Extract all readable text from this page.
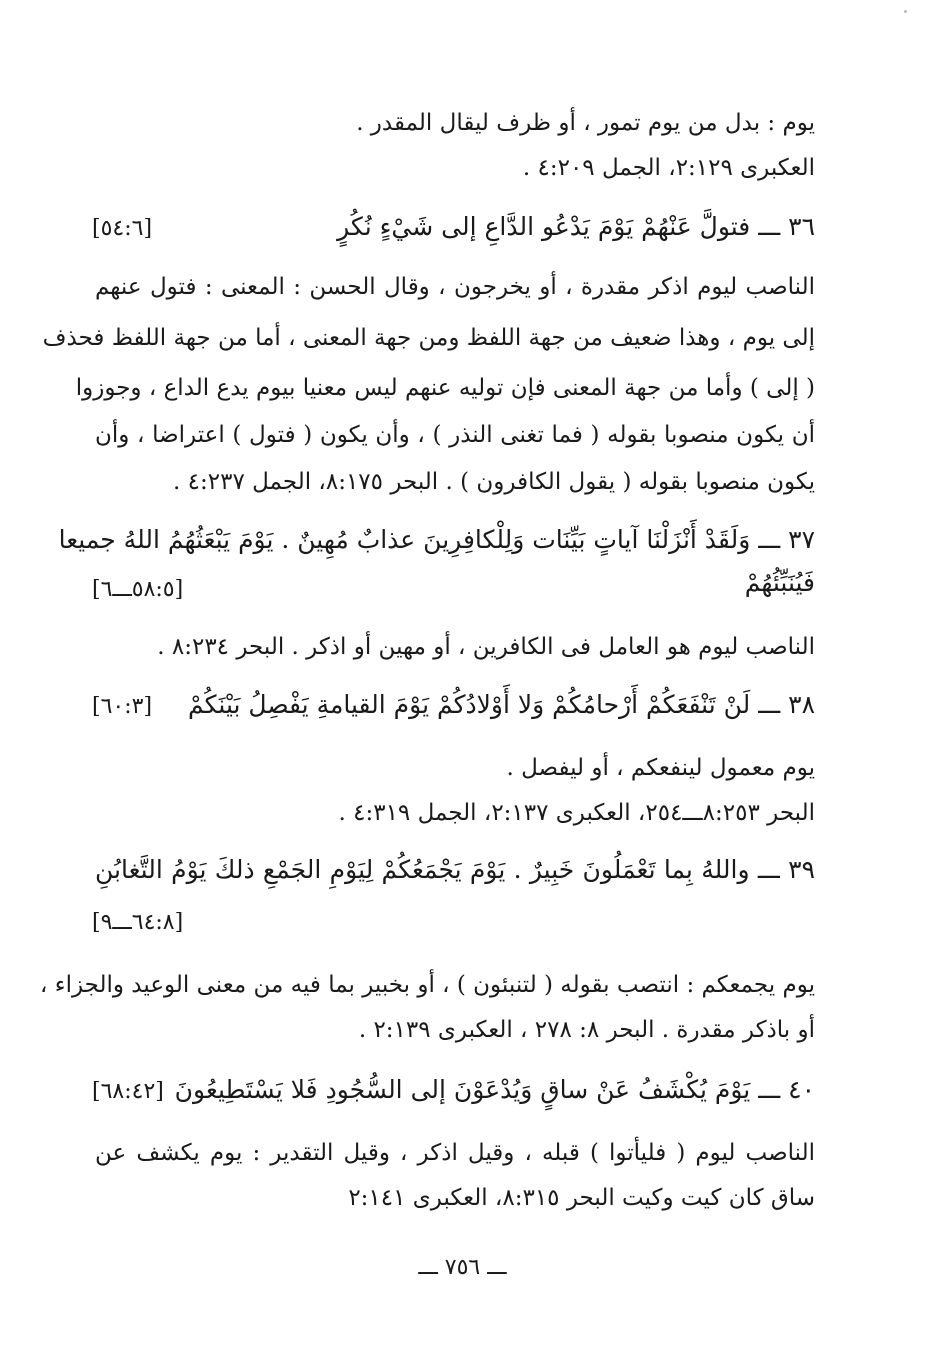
يوم : بدل من يوم تمور ، أو ظرف ليقال المقدر .
العكبرى ٢:١٢٩، الجمل ٤:٢٠٩ .
٣٦ ـــ فتولَّ عَنْهُمْ يَوْمَ يَدْعُو الدَّاعِ إلى شَيْءٍ نُكُرٍ
[٥٤:٦]
الناصب ليوم اذكر مقدرة ، أو يخرجون ، وقال الحسن : المعنى : فتول عنهم
إلى يوم ، وهذا ضعيف من جهة اللفظ ومن جهة المعنى ، أما من جهة اللفظ فحذف
( إلى ) وأما من جهة المعنى فإن توليه عنهم ليس معنيا بيوم يدع الداع ، وجوزوا
أن يكون منصوبا بقوله ( فما تغنى النذر ) ، وأن يكون ( فتول ) اعتراضا ، وأن
يكون منصوبا بقوله ( يقول الكافرون ) . البحر ٨:١٧٥، الجمل ٤:٢٣٧ .
٣٧ ـــ وَلَقَدْ أَنْزَلْنَا آياتٍ بَيِّنَات وَلِلْكافِرِينَ عذابٌ مُهِينٌ . يَوْمَ يَبْعَثُهُمُ اللهُ جميعا
فَيُنَبِّئُهُمْ
[٥٨:٥ـــ٦]
الناصب ليوم هو العامل فى الكافرين ، أو مهين أو اذكر . البحر ٨:٢٣٤ .
٣٨ ـــ لَنْ تَنْفَعَكُمْ أَرْحامُكُمْ وَلا أَوْلادُكُمْ يَوْمَ القيامةِ يَفْصِلُ بَيْنَكُمْ
[٦٠:٣]
يوم معمول لينفعكم ، أو ليفصل .
البحر ٨:٢٥٣ـــ٢٥٤، العكبرى ٢:١٣٧، الجمل ٤:٣١٩ .
٣٩ ـــ واللهُ بِما تَعْمَلُونَ خَبِيرٌ . يَوْمَ يَجْمَعُكُمْ لِيَوْمِ الجَمْعِ ذلكَ يَوْمُ التَّغابُنِ
[٦٤:٨ـــ٩]
يوم يجمعكم : انتصب بقوله ( لتنبئون ) ، أو بخبير بما فيه من معنى الوعيد والجزاء ،
أو باذكر مقدرة . البحر ٨: ٢٧٨ ، العكبرى ٢:١٣٩ .
٤٠ ـــ يَوْمَ يُكْشَفُ عَنْ ساقٍ وَيُدْعَوْنَ إلى السُّجُودِ فَلا يَسْتَطِيعُونَ
[٦٨:٤٢]
الناصب ليوم ( فليأتوا ) قبله ، وقيل اذكر ، وقيل التقدير : يوم يكشف عن
ساق كان كيت وكيت البحر ٨:٣١٥، العكبرى ٢:١٤١
ـــ ٧٥٦ ـــ
